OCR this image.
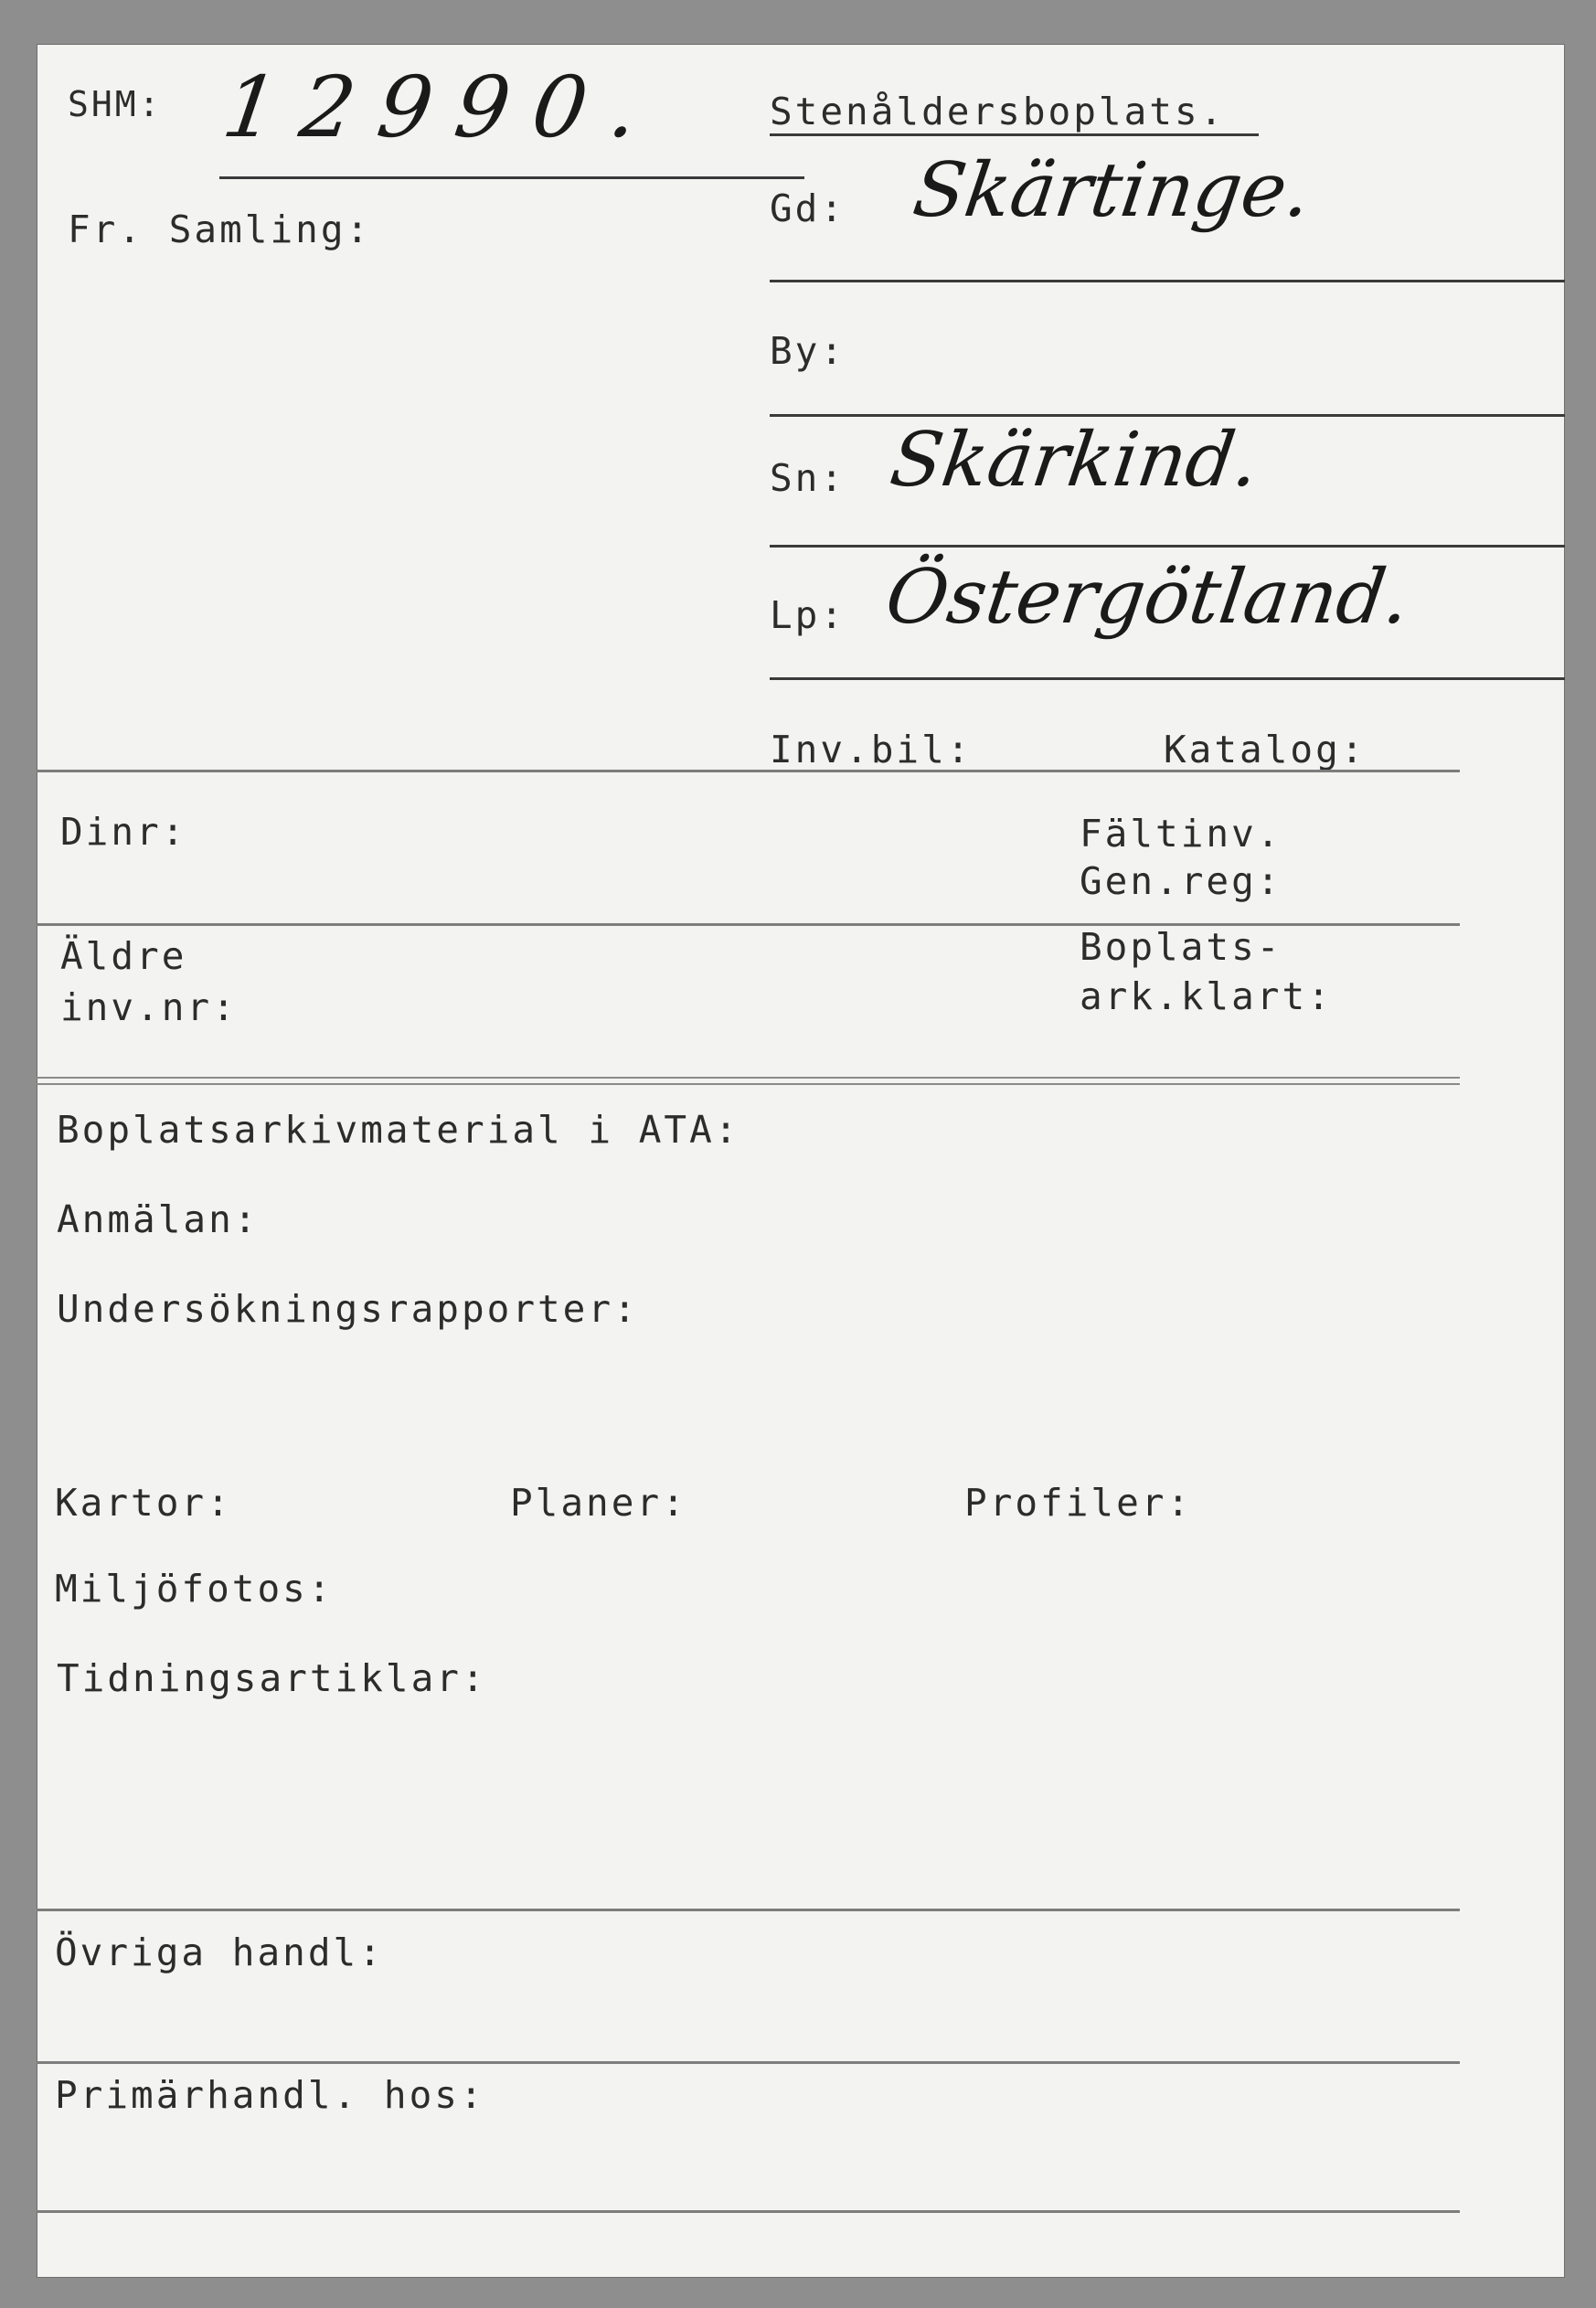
SHM: 12990.
Fr. Samling:
Stenåldersboplats.
Gd: Skärtinge.
By:
Sn: Skärkind.
Lp: Östergötland.
Inv.bil:	Katalog:
Dinr:	Fältinv.
Gen.reg:
Äldre
inv.nr:
Boplats-
ark.klart:
Boplatsarkivmaterial i ATA:
Anmälan:
Undersökningsrapporter:
Kartor:	Planer:	Profiler:
Miljöfotos:
Tidningsartiklar:
Övriga handl:
Primärhandl. hos:
